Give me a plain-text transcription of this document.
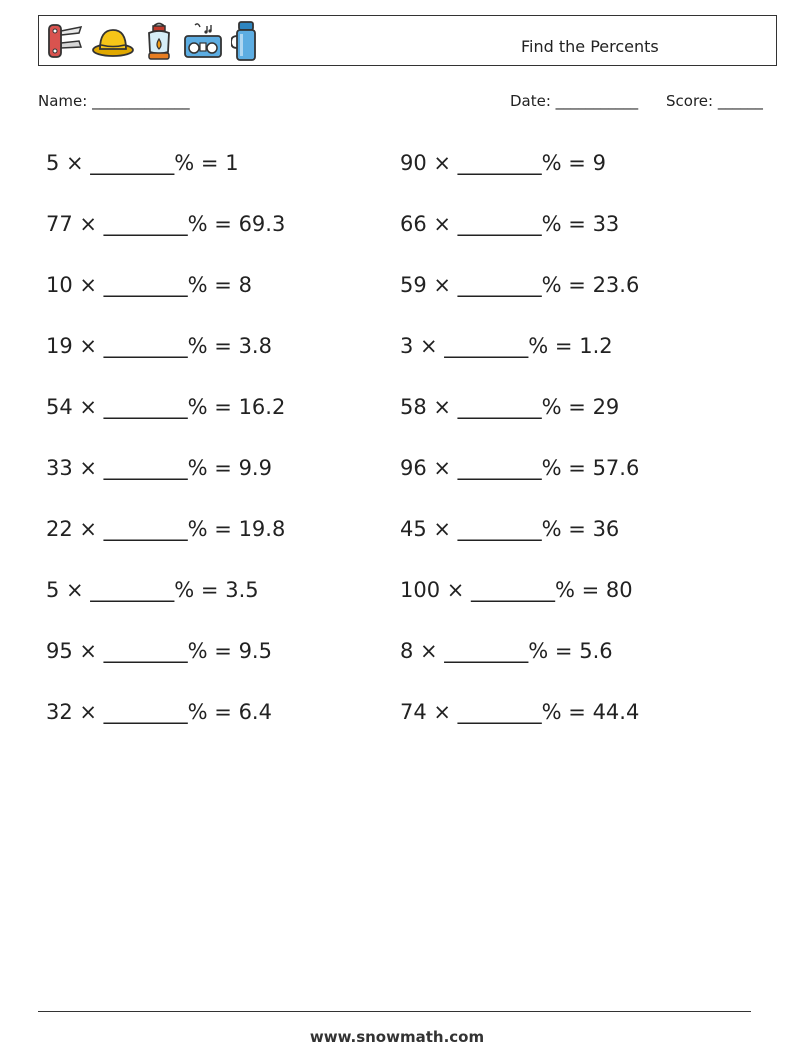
Find the Percents
Name: _____________	Date: ___________ Score: ______
5 × ________% = 1	90 × ________% = 9
77 × ________% = 69.3	66 × ________% = 33
10 × ________% = 8	59 × ________% = 23.6
19 × ________% = 3.8	3 × ________% = 1.2
54 × ________% = 16.2	58 × ________% = 29
33 × ________% = 9.9	96 × ________% = 57.6
22 × ________% = 19.8	45 × ________% = 36
5 × ________% = 3.5	100 × ________% = 80
95 × ________% = 9.5	8 × ________% = 5.6
32 × ________% = 6.4	74 × ________% = 44.4
www.snowmath.com
